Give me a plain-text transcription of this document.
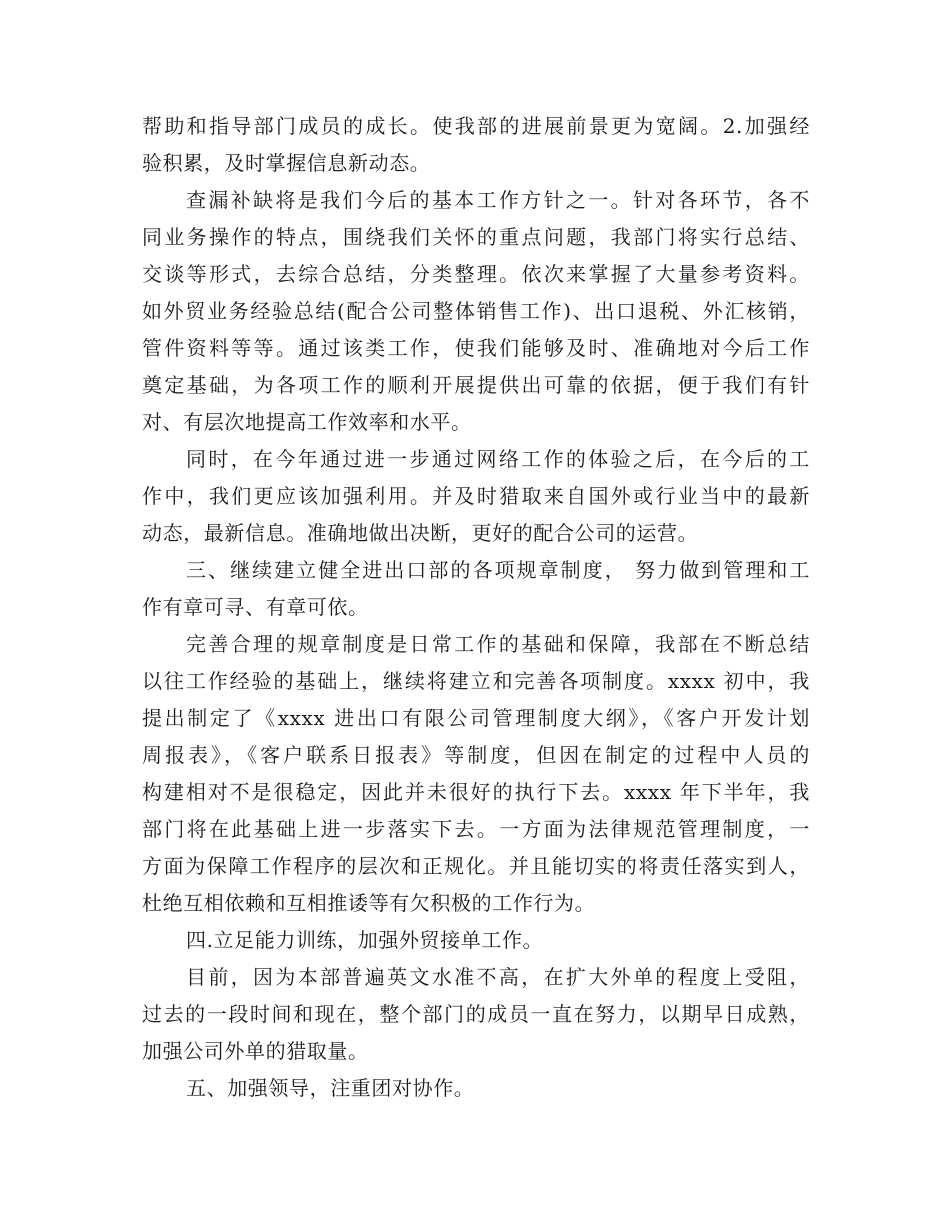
帮助和指导部门成员的成长。使我部的进展前景更为宽阔。2.加强经
验积累，及时掌握信息新动态。
查漏补缺将是我们今后的基本工作方针之一。针对各环节，各不
同业务操作的特点，围绕我们关怀的重点问题，我部门将实行总结、
交谈等形式，去综合总结，分类整理。依次来掌握了大量参考资料。
如外贸业务经验总结(配合公司整体销售工作)、出口退税、外汇核销，
管件资料等等。通过该类工作，使我们能够及时、准确地对今后工作
奠定基础，为各项工作的顺利开展提供出可靠的依据，便于我们有针
对、有层次地提高工作效率和水平。
同时，在今年通过进一步通过网络工作的体验之后，在今后的工
作中，我们更应该加强利用。并及时猎取来自国外或行业当中的最新
动态，最新信息。准确地做出决断，更好的配合公司的运营。
三、继续建立健全进出口部的各项规章制度， 努力做到管理和工
作有章可寻、有章可依。
完善合理的规章制度是日常工作的基础和保障，我部在不断总结
以往工作经验的基础上，继续将建立和完善各项制度。xxxx 初中，我
提出制定了《xxxx 进出口有限公司管理制度大纲》，《客户开发计划
周报表》，《客户联系日报表》等制度，但因在制定的过程中人员的
构建相对不是很稳定，因此并未很好的执行下去。xxxx 年下半年，我
部门将在此基础上进一步落实下去。一方面为法律规范管理制度，一
方面为保障工作程序的层次和正规化。并且能切实的将责任落实到人，
杜绝互相依赖和互相推诿等有欠积极的工作行为。
四.立足能力训练，加强外贸接单工作。
目前，因为本部普遍英文水准不高，在扩大外单的程度上受阻，
过去的一段时间和现在，整个部门的成员一直在努力，以期早日成熟，
加强公司外单的猎取量。
五、加强领导，注重团对协作。
